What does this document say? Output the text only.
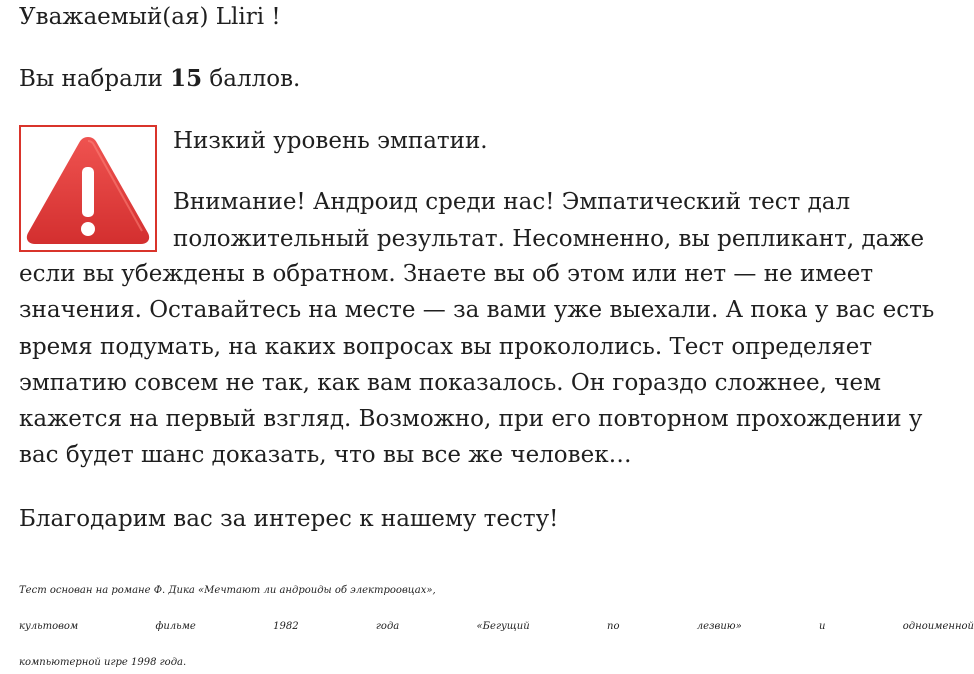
Уважаемый(ая) Lliri !

Вы набрали 15 баллов.

Низкий уровень эмпатии.

Внимание! Андроид среди нас! Эмпатический тест дал

положительный результат. Несомненно, вы репликант, даже

если вы убеждены в обратном. Знаете вы об этом или нет — не имеет

значения. Оставайтесь на месте — за вами уже выехали. А пока у вас есть

время подумать, на каких вопросах вы прокололись. Тест определяет

эмпатию совсем не так, как вам показалось. Он гораздо сложнее, чем

кажется на первый взгляд. Возможно, при его повторном прохождении у

вас будет шанс доказать, что вы все же человек…

Благодарим вас за интерес к нашему тесту!

Тест основан на романе Ф. Дика «Мечтают ли андроиды об электроовцах»,

культовом фильме 1982 года «Бегущий по лезвию» и одноименной

компьютерной игре 1998 года.
